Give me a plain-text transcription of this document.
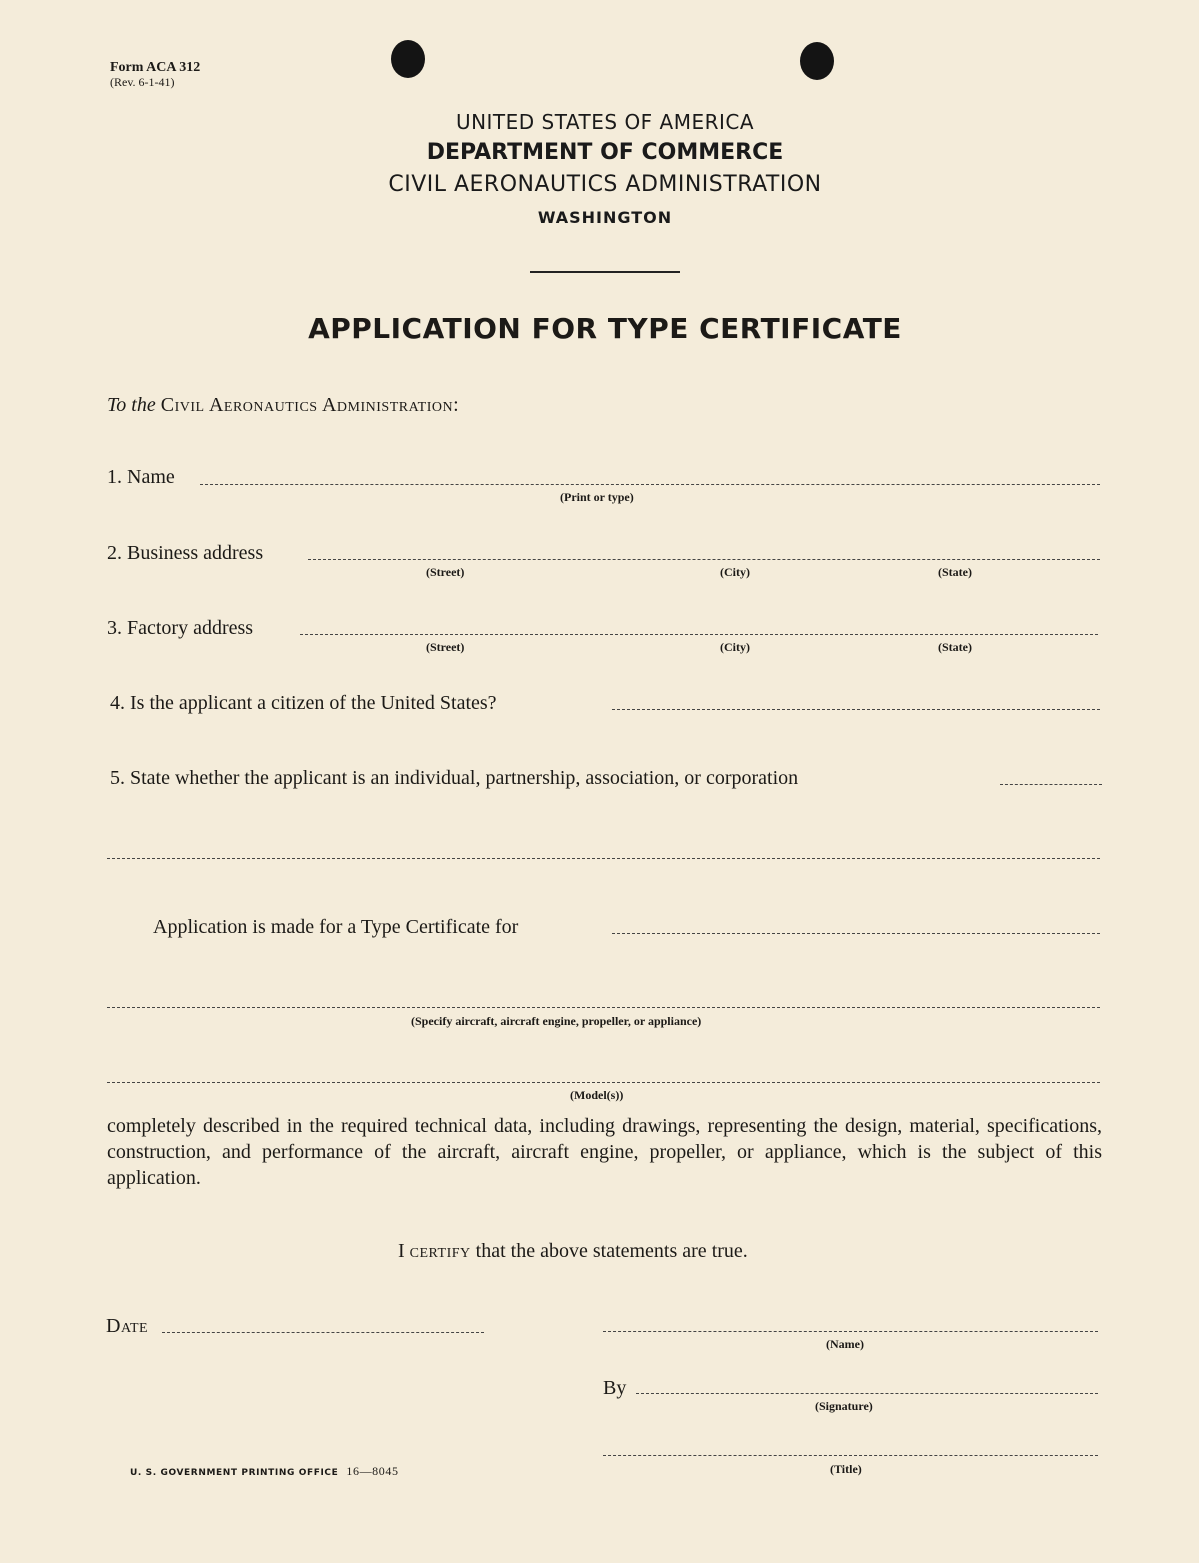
Form ACA 312
(Rev. 6-1-41)
UNITED STATES OF AMERICA
DEPARTMENT OF COMMERCE
CIVIL AERONAUTICS ADMINISTRATION
WASHINGTON
APPLICATION FOR TYPE CERTIFICATE
To the Civil Aeronautics Administration:
1. Name
(Print or type)
2. Business address
(Street)	(City)	(State)
3. Factory address
(Street)	(City)	(State)
4. Is the applicant a citizen of the United States?
5. State whether the applicant is an individual, partnership, association, or corporation
Application is made for a Type Certificate for
(Specify aircraft, aircraft engine, propeller, or appliance)
(Model(s))
completely described in the required technical data, including drawings, representing the design, material, specifications, construction, and performance of the aircraft, aircraft engine, propeller, or appliance, which is the subject of this application.
I certify that the above statements are true.
Date
(Name)
By
(Signature)
(Title)
U. S. GOVERNMENT PRINTING OFFICE 16—8045
